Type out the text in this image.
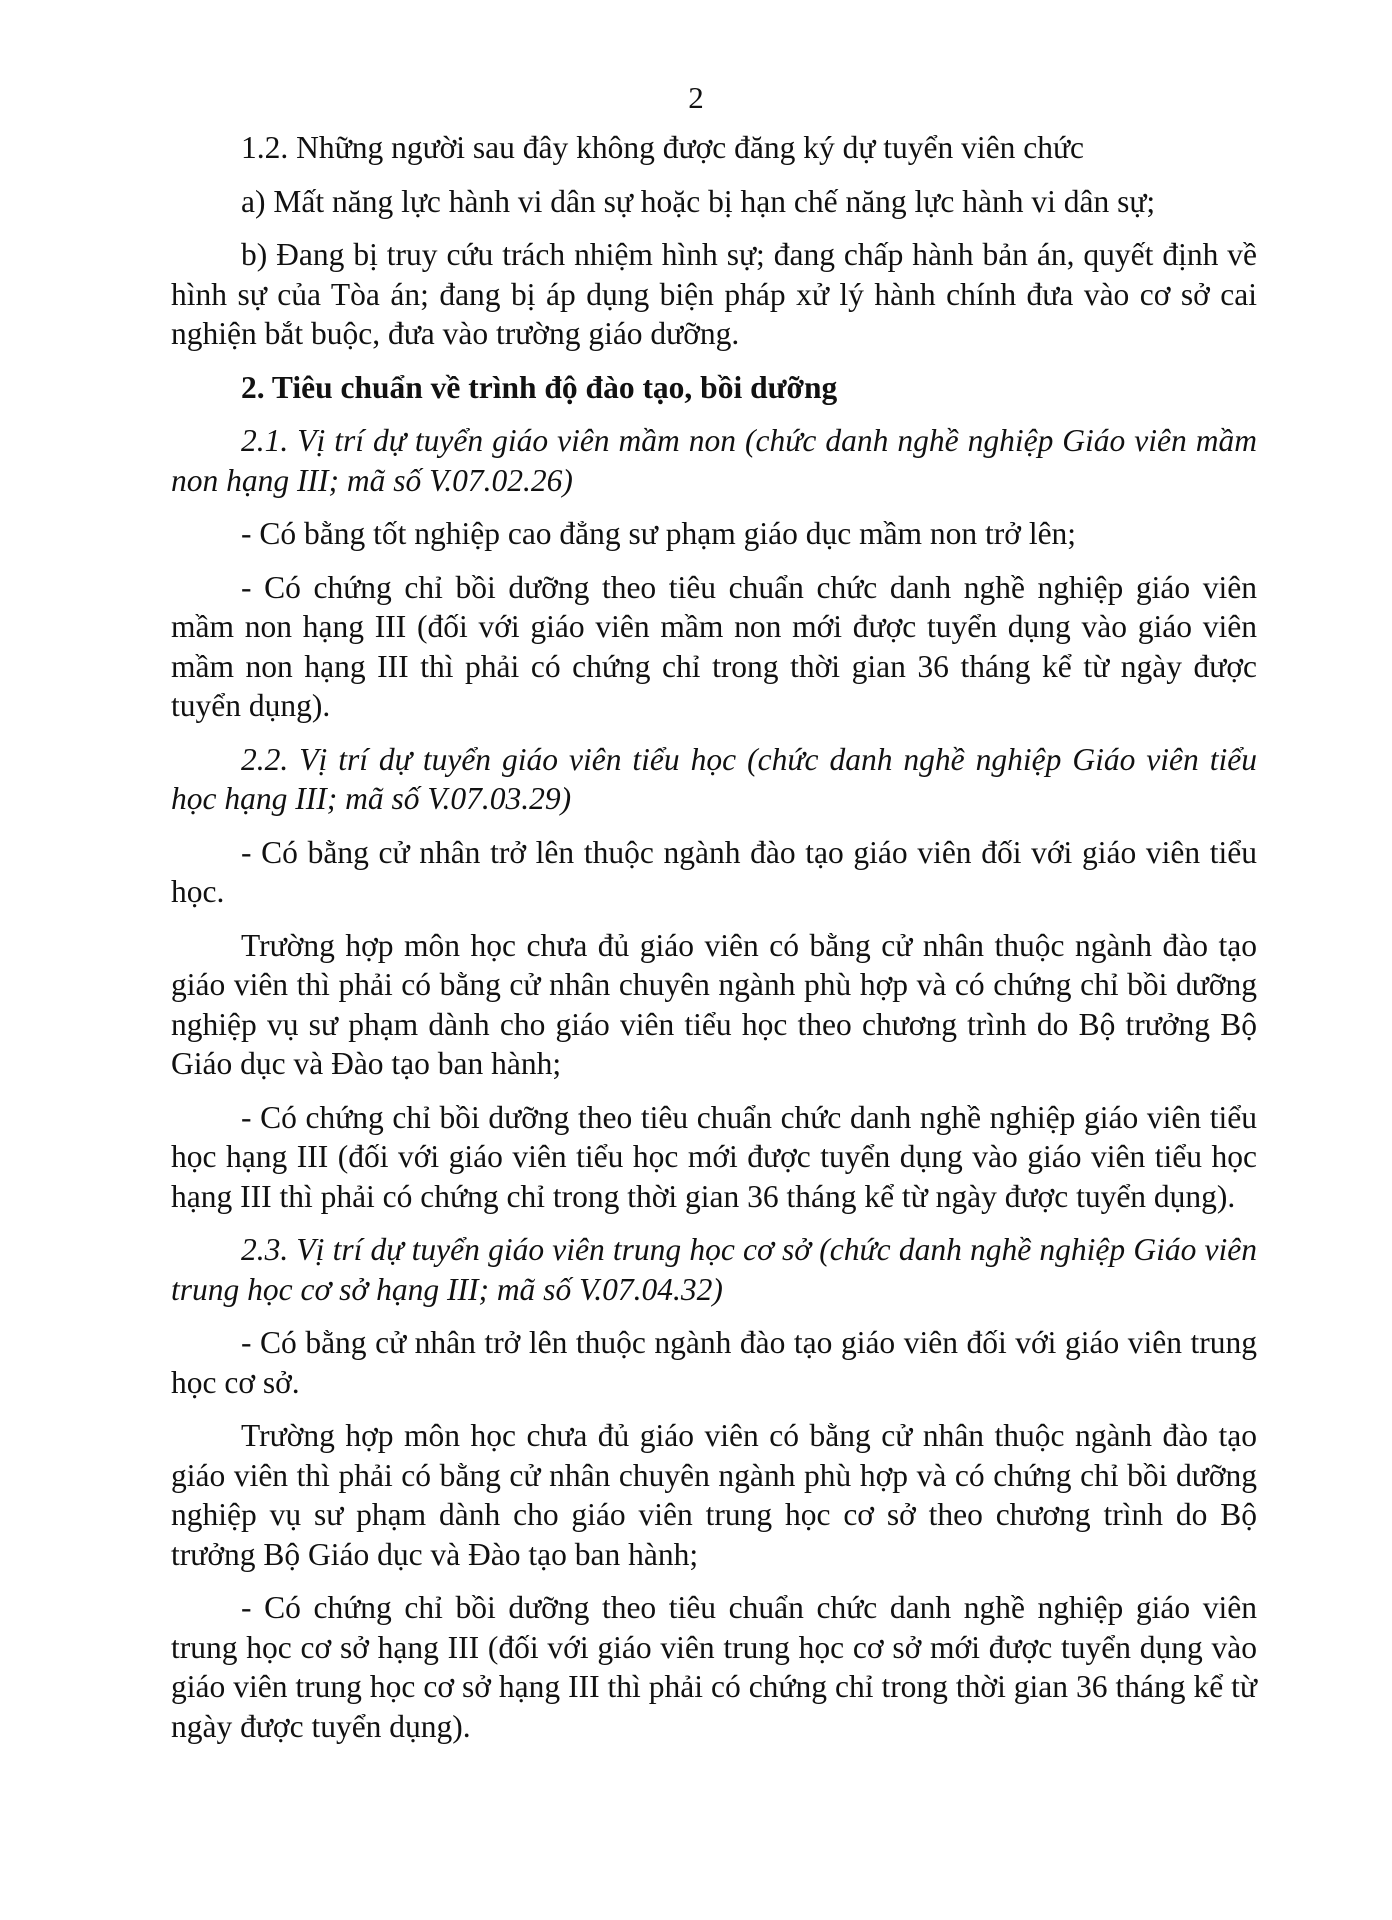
2

1.2. Những người sau đây không được đăng ký dự tuyển viên chức

a) Mất năng lực hành vi dân sự hoặc bị hạn chế năng lực hành vi dân sự;

b) Đang bị truy cứu trách nhiệm hình sự; đang chấp hành bản án, quyết định về hình sự của Tòa án; đang bị áp dụng biện pháp xử lý hành chính đưa vào cơ sở cai nghiện bắt buộc, đưa vào trường giáo dưỡng.

2. Tiêu chuẩn về trình độ đào tạo, bồi dưỡng

2.1. Vị trí dự tuyển giáo viên mầm non (chức danh nghề nghiệp Giáo viên mầm non hạng III; mã số V.07.02.26)

- Có bằng tốt nghiệp cao đẳng sư phạm giáo dục mầm non trở lên;

- Có chứng chỉ bồi dưỡng theo tiêu chuẩn chức danh nghề nghiệp giáo viên mầm non hạng III (đối với giáo viên mầm non mới được tuyển dụng vào giáo viên mầm non hạng III thì phải có chứng chỉ trong thời gian 36 tháng kể từ ngày được tuyển dụng).

2.2. Vị trí dự tuyển giáo viên tiểu học (chức danh nghề nghiệp Giáo viên tiểu học hạng III; mã số V.07.03.29)

- Có bằng cử nhân trở lên thuộc ngành đào tạo giáo viên đối với giáo viên tiểu học.

Trường hợp môn học chưa đủ giáo viên có bằng cử nhân thuộc ngành đào tạo giáo viên thì phải có bằng cử nhân chuyên ngành phù hợp và có chứng chỉ bồi dưỡng nghiệp vụ sư phạm dành cho giáo viên tiểu học theo chương trình do Bộ trưởng Bộ Giáo dục và Đào tạo ban hành;

- Có chứng chỉ bồi dưỡng theo tiêu chuẩn chức danh nghề nghiệp giáo viên tiểu học hạng III (đối với giáo viên tiểu học mới được tuyển dụng vào giáo viên tiểu học hạng III thì phải có chứng chỉ trong thời gian 36 tháng kể từ ngày được tuyển dụng).

2.3. Vị trí dự tuyển giáo viên trung học cơ sở (chức danh nghề nghiệp Giáo viên trung học cơ sở hạng III; mã số V.07.04.32)

- Có bằng cử nhân trở lên thuộc ngành đào tạo giáo viên đối với giáo viên trung học cơ sở.

Trường hợp môn học chưa đủ giáo viên có bằng cử nhân thuộc ngành đào tạo giáo viên thì phải có bằng cử nhân chuyên ngành phù hợp và có chứng chỉ bồi dưỡng nghiệp vụ sư phạm dành cho giáo viên trung học cơ sở theo chương trình do Bộ trưởng Bộ Giáo dục và Đào tạo ban hành;

- Có chứng chỉ bồi dưỡng theo tiêu chuẩn chức danh nghề nghiệp giáo viên trung học cơ sở hạng III (đối với giáo viên trung học cơ sở mới được tuyển dụng vào giáo viên trung học cơ sở hạng III thì phải có chứng chỉ trong thời gian 36 tháng kể từ ngày được tuyển dụng).
